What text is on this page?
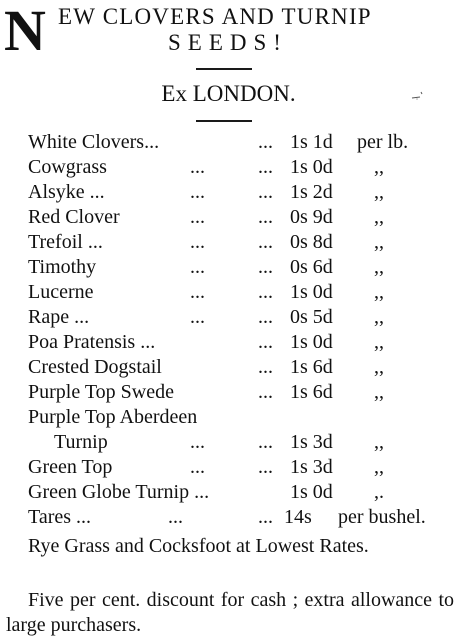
N EW CLOVERS AND TURNIP
SEEDS!
Ex LONDON.
White Clovers...	... 1s 1d per lb.
Cowgrass	...	... 1s 0d ,,
Alsyke ...	...	... 1s 2d ,,
Red Clover	...	... 0s 9d ,,
Trefoil ...	...	... 0s 8d ,,
Timothy	...	... 0s 6d ,,
Lucerne	...	... 1s 0d ,,
Rape ...	...	... 0s 5d ,,
Poa Pratensis ...	... 1s 0d ,,
Crested Dogstail	... 1s 6d ,,
Purple Top Swede	... 1s 6d ,,
Purple Top Aberdeen
Turnip	...	... 1s 3d ,,
Green Top	...	... 1s 3d ,,
Green Globe Turnip ...	1s 0d ,.
Tares ...	...	... 14s per bushel.
Rye Grass and Cocksfoot at Lowest Rates.
Five per cent. discount for cash ; extra allowance to large purchasers.
